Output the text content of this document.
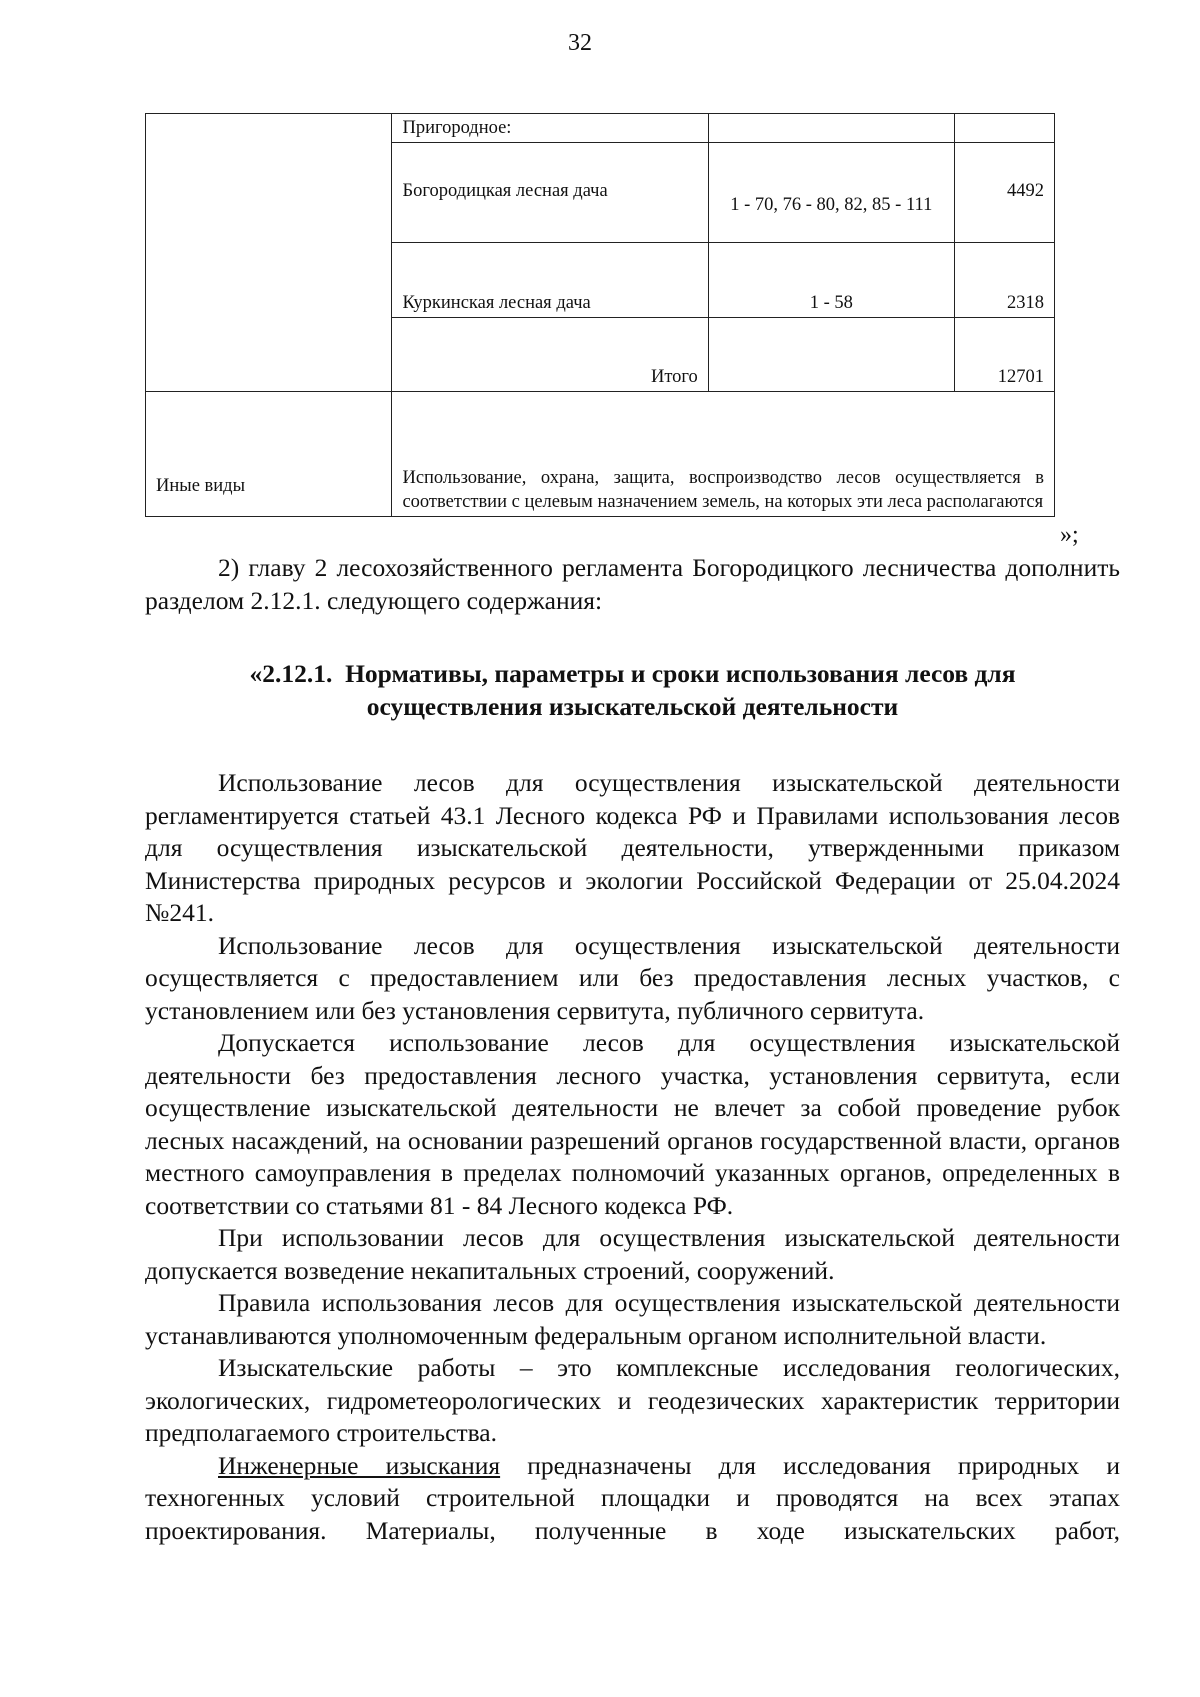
32
	Пригородное:		
	Богородицкая лесная дача	1 - 70, 76 - 80, 82, 85 - 111	4492
	Куркинская лесная дача	1 - 58	2318
	Итого		12701
Иные виды	Использование, охрана, защита, воспроизводство лесов осуществляется в соответствии с целевым назначением земель, на которых эти леса располагаются		
»;

2) главу 2 лесохозяйственного регламента Богородицкого лесничества дополнить разделом 2.12.1. следующего содержания:

«2.12.1.  Нормативы, параметры и сроки использования лесов для
осуществления изыскательской деятельности

Использование лесов для осуществления изыскательской деятельности регламентируется статьей 43.1 Лесного кодекса РФ и Правилами использования лесов для осуществления изыскательской деятельности, утвержденными приказом Министерства природных ресурсов и экологии Российской Федерации от 25.04.2024 №241.

Использование лесов для осуществления изыскательской деятельности осуществляется с предоставлением или без предоставления лесных участков, с установлением или без установления сервитута, публичного сервитута.

Допускается использование лесов для осуществления изыскательской деятельности без предоставления лесного участка, установления сервитута, если осуществление изыскательской деятельности не влечет за собой проведение рубок лесных насаждений, на основании разрешений органов государственной власти, органов местного самоуправления в пределах полномочий указанных органов, определенных в соответствии со статьями 81 - 84 Лесного кодекса РФ.

При использовании лесов для осуществления изыскательской деятельности допускается возведение некапитальных строений, сооружений.

Правила использования лесов для осуществления изыскательской деятельности устанавливаются уполномоченным федеральным органом исполнительной власти.

Изыскательские работы – это комплексные исследования геологических, экологических, гидрометеорологических и геодезических характеристик территории предполагаемого строительства.

Инженерные изыскания предназначены для исследования природных и техногенных условий строительной площадки и проводятся на всех этапах проектирования. Материалы, полученные в ходе изыскательских работ,
